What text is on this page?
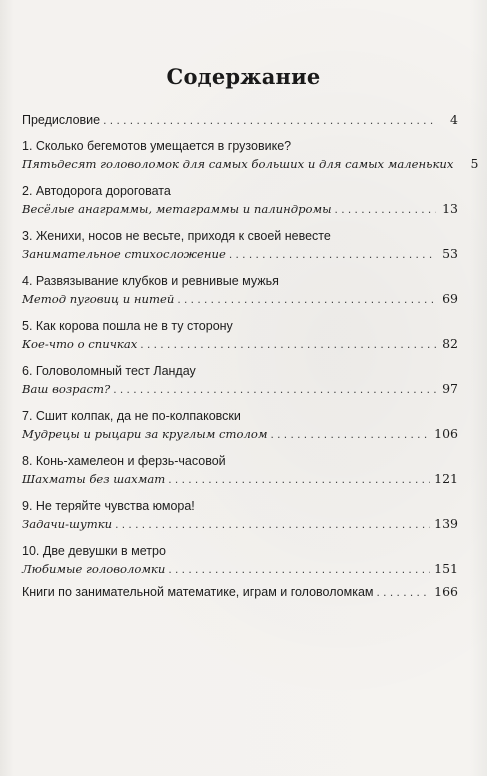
Содержание
Предисловие . . .	4
1. Сколько бегемотов умещается в грузовике?
Пятьдесят головоломок для самых больших и для самых маленьких	5
2. Автодорога дороговата
Весёлые анаграммы, метаграммы и палиндромы . . .	13
3. Женихи, носов не весьте, приходя к своей невесте
Занимательное стихосложение . . .	53
4. Развязывание клубков и ревнивые мужья
Метод пуговиц и нитей . . .	69
5. Как корова пошла не в ту сторону
Кое-что о спичках . . .	82
6. Головоломный тест Ландау
Ваш возраст? . . .	97
7. Сшит колпак, да не по-колпаковски
Мудрецы и рыцари за круглым столом . . .	106
8. Конь-хамелеон и ферзь-часовой
Шахматы без шахмат . . .	121
9. Не теряйте чувства юмора!
Задачи-шутки . . .	139
10. Две девушки в метро
Любимые головоломки . . .	151
Книги по занимательной математике, играм и головоломкам . . .	166
